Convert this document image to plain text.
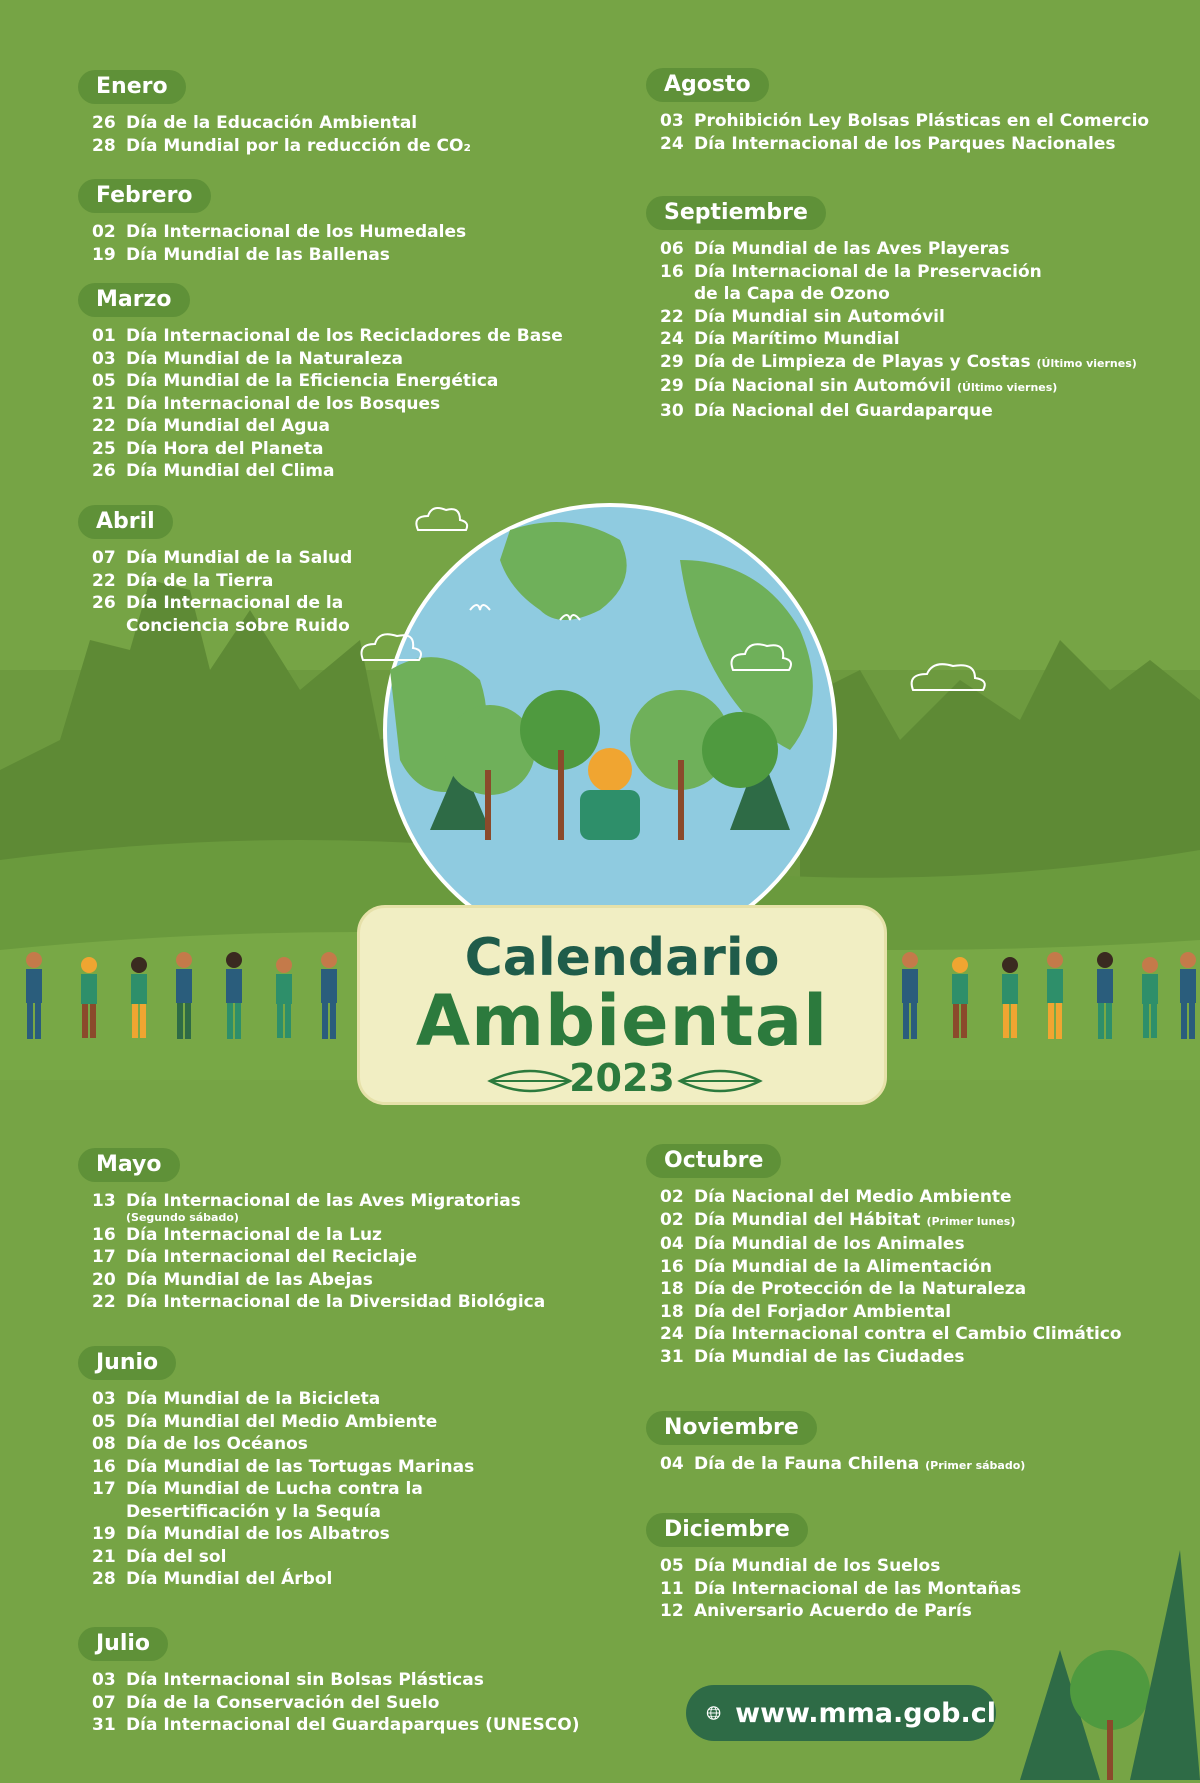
Calendario
Ambiental
2023
Enero
26 Día de la Educación Ambiental
28 Día Mundial por la reducción de CO₂
Febrero
02 Día Internacional de los Humedales
19 Día Mundial de las Ballenas
Marzo
01 Día Internacional de los Recicladores de Base
03 Día Mundial de la Naturaleza
05 Día Mundial de la Eficiencia Energética
21 Día Internacional de los Bosques
22 Día Mundial del Agua
25 Día Hora del Planeta
26 Día Mundial del Clima
Abril
07 Día Mundial de la Salud
22 Día de la Tierra
26 Día Internacional de la
Conciencia sobre Ruido
Mayo
13 Día Internacional de las Aves Migratorias
(Segundo sábado)
16 Día Internacional de la Luz
17 Día Internacional del Reciclaje
20 Día Mundial de las Abejas
22 Día Internacional de la Diversidad Biológica
Junio
03 Día Mundial de la Bicicleta
05 Día Mundial del Medio Ambiente
08 Día de los Océanos
16 Día Mundial de las Tortugas Marinas
17 Día Mundial de Lucha contra la
Desertificación y la Sequía
19 Día Mundial de los Albatros
21 Día del sol
28 Día Mundial del Árbol
Julio
03 Día Internacional sin Bolsas Plásticas
07 Día de la Conservación del Suelo
31 Día Internacional del Guardaparques (UNESCO)
Agosto
03 Prohibición Ley Bolsas Plásticas en el Comercio
24 Día Internacional de los Parques Nacionales
Septiembre
06 Día Mundial de las Aves Playeras
16 Día Internacional de la Preservación
de la Capa de Ozono
22 Día Mundial sin Automóvil
24 Día Marítimo Mundial
29 Día de Limpieza de Playas y Costas (Último viernes)
29 Día Nacional sin Automóvil (Último viernes)
30 Día Nacional del Guardaparque
Octubre
02 Día Nacional del Medio Ambiente
02 Día Mundial del Hábitat (Primer lunes)
04 Día Mundial de los Animales
16 Día Mundial de la Alimentación
18 Día de Protección de la Naturaleza
18 Día del Forjador Ambiental
24 Día Internacional contra el Cambio Climático
31 Día Mundial de las Ciudades
Noviembre
04 Día de la Fauna Chilena (Primer sábado)
Diciembre
05 Día Mundial de los Suelos
11 Día Internacional de las Montañas
12 Aniversario Acuerdo de París
www.mma.gob.cl
